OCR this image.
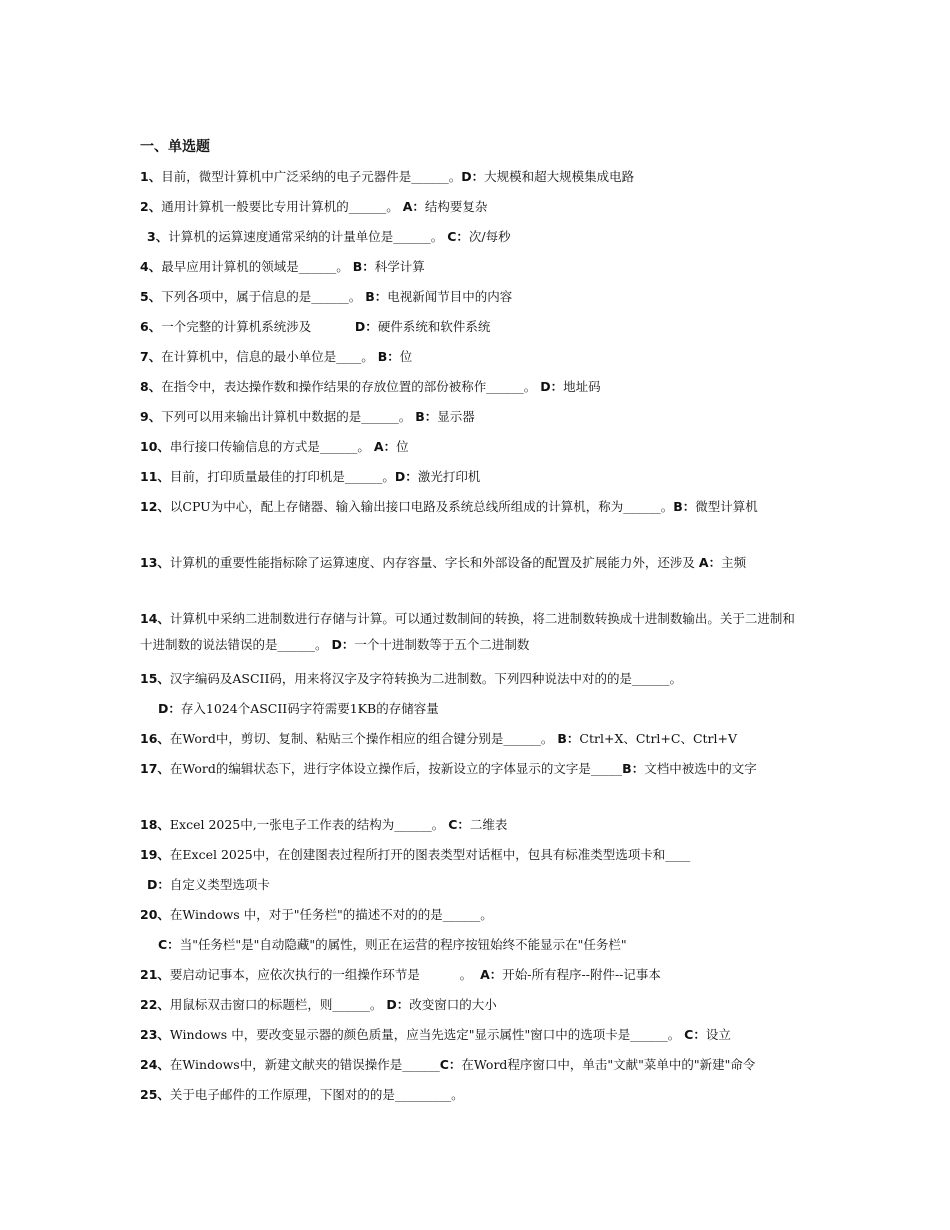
一、单选题

1、目前，微型计算机中广泛采纳的电子元器件是______。D：大规模和超大规模集成电路

2、通用计算机一般要比专用计算机的______。 A：结构要复杂

3、计算机的运算速度通常采纳的计量单位是______。 C：次/每秒

4、最早应用计算机的领域是______。 B：科学计算

5、下列各项中，属于信息的是______。 B：电视新闻节目中的内容

6、一个完整的计算机系统涉及           D：硬件系统和软件系统

7、在计算机中，信息的最小单位是____。 B：位

8、在指令中，表达操作数和操作结果的存放位置的部份被称作______。 D：地址码

9、下列可以用来输出计算机中数据的是______。 B：显示器

10、串行接口传输信息的方式是______。 A：位

11、目前，打印质量最佳的打印机是______。D：激光打印机

12、以CPU为中心，配上存储器、输入输出接口电路及系统总线所组成的计算机，称为______。B：微型计算机

13、计算机的重要性能指标除了运算速度、内存容量、字长和外部设备的配置及扩展能力外，还涉及 A：主频

14、计算机中采纳二进制数进行存储与计算。可以通过数制间的转换，将二进制数转换成十进制数输出。关于二进制和十进制数的说法错误的是______。 D：一个十进制数等于五个二进制数

15、汉字编码及ASCII码，用来将汉字及字符转换为二进制数。下列四种说法中对的的是______。

D：存入1024个ASCII码字符需要1KB的存储容量

16、在Word中，剪切、复制、粘贴三个操作相应的组合键分别是______。 B：Ctrl+X、Ctrl+C、Ctrl+V

17、在Word的编辑状态下，进行字体设立操作后，按新设立的字体显示的文字是_____B：文档中被选中的文字

18、Excel 2025中,一张电子工作表的结构为______。 C：二维表

19、在Excel 2025中，在创建图表过程所打开的图表类型对话框中，包具有标准类型选项卡和____

D：自定义类型选项卡

20、在Windows 中，对于"任务栏"的描述不对的的是______。

C：当"任务栏"是"自动隐藏"的属性，则正在运营的程序按钮始终不能显示在"任务栏"

21、要启动记事本，应依次执行的一组操作环节是          。  A：开始-所有程序--附件--记事本

22、用鼠标双击窗口的标题栏，则______。 D：改变窗口的大小

23、Windows 中，要改变显示器的颜色质量，应当先选定"显示属性"窗口中的选项卡是______。 C：设立

24、在Windows中，新建文献夹的错误操作是______C：在Word程序窗口中，单击"文献"菜单中的"新建"命令

25、关于电子邮件的工作原理，下图对的的是_________。
